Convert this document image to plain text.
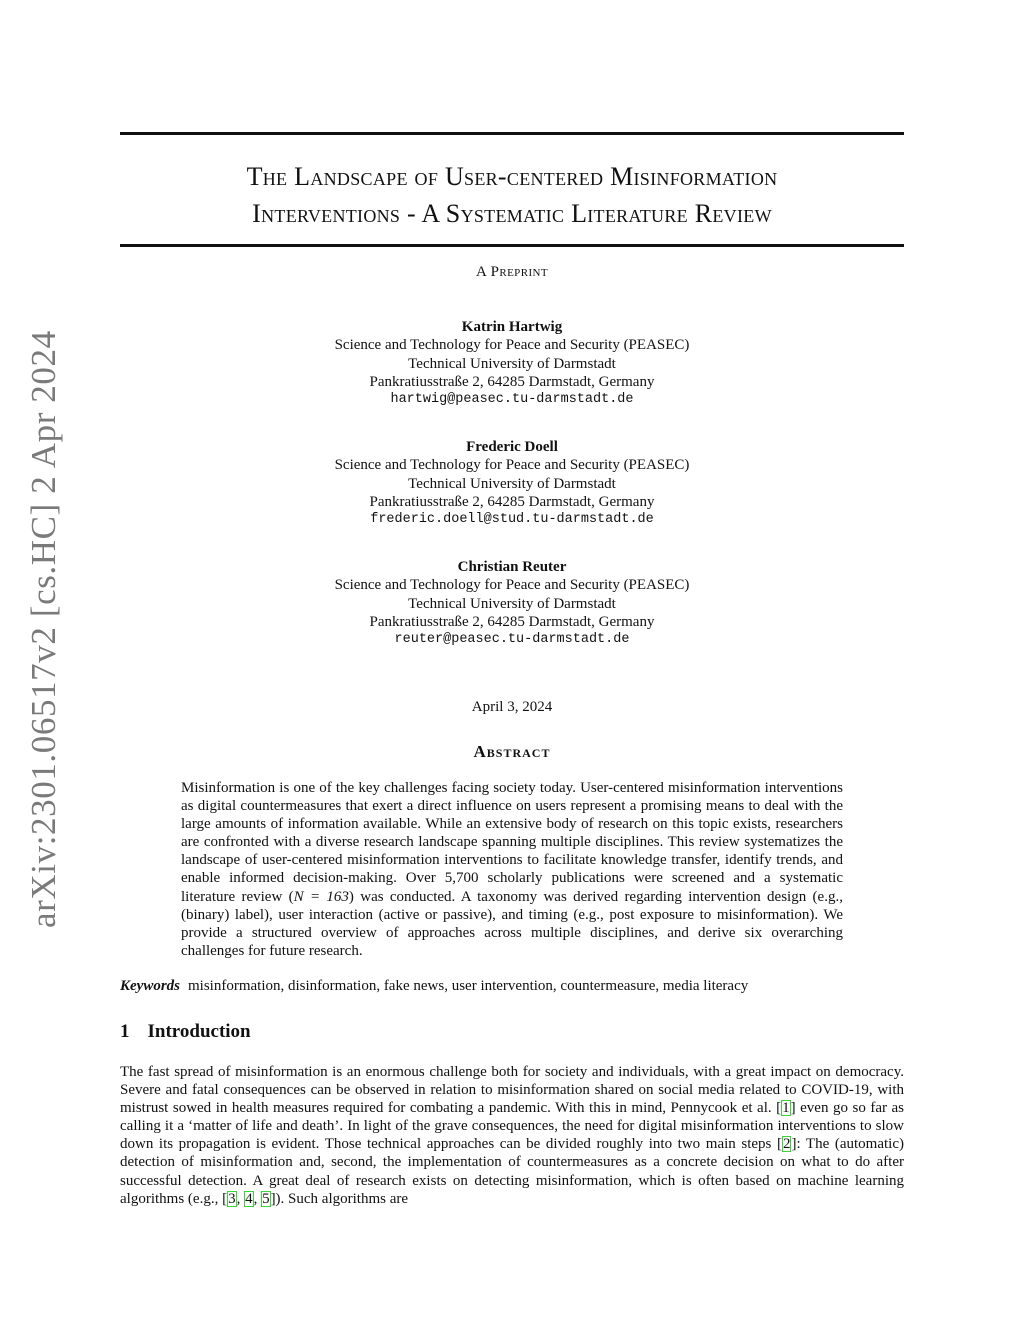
arXiv:2301.06517v2 [cs.HC] 2 Apr 2024
The Landscape of User-centered Misinformation
Interventions - A Systematic Literature Review
A Preprint
Katrin Hartwig
Science and Technology for Peace and Security (PEASEC)
Technical University of Darmstadt
Pankratiusstraße 2, 64285 Darmstadt, Germany
hartwig@peasec.tu-darmstadt.de
Frederic Doell
Science and Technology for Peace and Security (PEASEC)
Technical University of Darmstadt
Pankratiusstraße 2, 64285 Darmstadt, Germany
frederic.doell@stud.tu-darmstadt.de
Christian Reuter
Science and Technology for Peace and Security (PEASEC)
Technical University of Darmstadt
Pankratiusstraße 2, 64285 Darmstadt, Germany
reuter@peasec.tu-darmstadt.de
April 3, 2024
Abstract
Misinformation is one of the key challenges facing society today. User-centered misinformation interventions as digital countermeasures that exert a direct influence on users represent a promising means to deal with the large amounts of information available. While an extensive body of research on this topic exists, researchers are confronted with a diverse research landscape spanning multiple disciplines. This review systematizes the landscape of user-centered misinformation interventions to facilitate knowledge transfer, identify trends, and enable informed decision-making. Over 5,700 scholarly publications were screened and a systematic literature review (N = 163) was conducted. A taxonomy was derived regarding intervention design (e.g., (binary) label), user interaction (active or passive), and timing (e.g., post exposure to misinformation). We provide a structured overview of approaches across multiple disciplines, and derive six overarching challenges for future research.
Keywords misinformation, disinformation, fake news, user intervention, countermeasure, media literacy
1 Introduction
The fast spread of misinformation is an enormous challenge both for society and individuals, with a great impact on democracy. Severe and fatal consequences can be observed in relation to misinformation shared on social media related to COVID-19, with mistrust sowed in health measures required for combating a pandemic. With this in mind, Pennycook et al. [1] even go so far as calling it a ‘matter of life and death’. In light of the grave consequences, the need for digital misinformation interventions to slow down its propagation is evident. Those technical approaches can be divided roughly into two main steps [2]: The (automatic) detection of misinformation and, second, the implementation of countermeasures as a concrete decision on what to do after successful detection. A great deal of research exists on detecting misinformation, which is often based on machine learning algorithms (e.g., [3, 4, 5]). Such algorithms are
